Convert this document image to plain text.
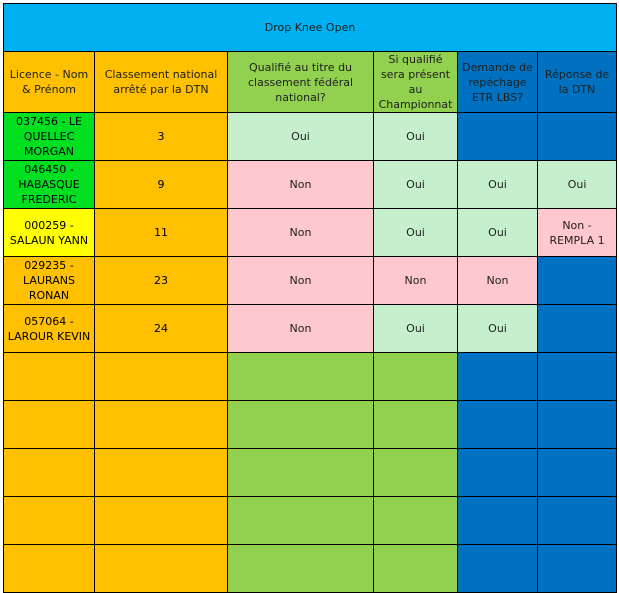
Drop Knee Open					

Licence - Nom & Prénom	Classement national arrêté par la DTN	Qualifié au titre du classement fédéral national?	Si qualifié sera présent au Championnat	Demande de repéchage ETR LBS?	Réponse de la DTN

037456 - LE QUELLEC MORGAN	3	Oui	Oui		

046450 - HABASQUE FREDERIC	9	Non	Oui	Oui	Oui

000259 - SALAUN YANN	11	Non	Oui	Oui	Non - REMPLA 1

029235 - LAURANS RONAN	23	Non	Non	Non	

057064 - LAROUR KEVIN	24	Non	Oui	Oui	
